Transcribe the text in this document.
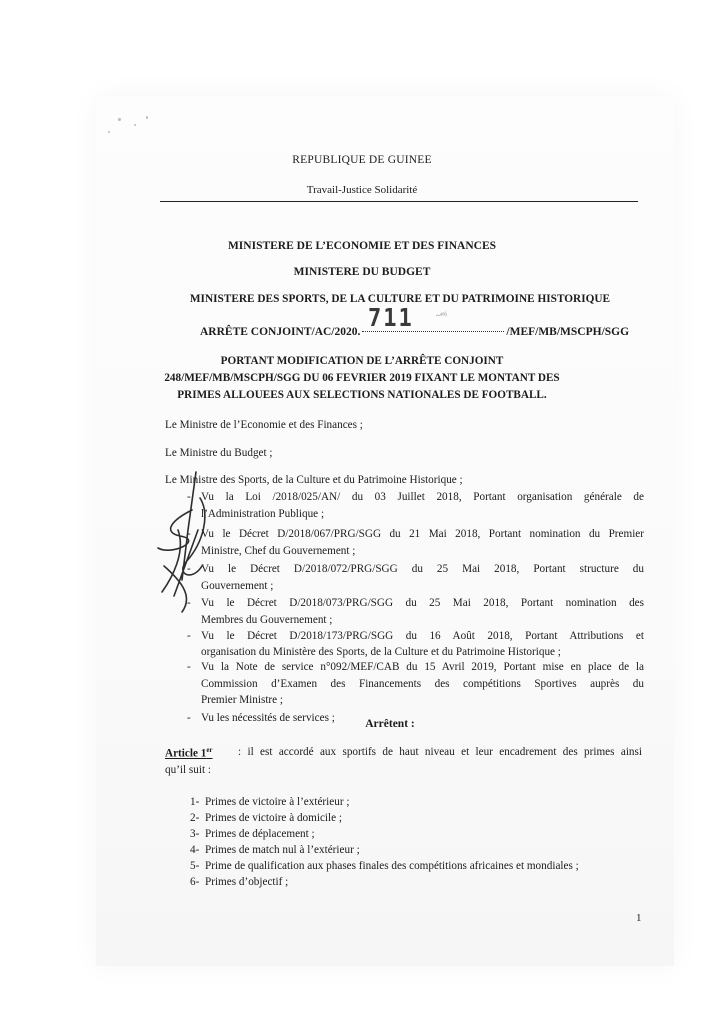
REPUBLIQUE DE GUINEE
Travail-Justice Solidarité
MINISTERE DE L’ECONOMIE ET DES FINANCES
MINISTERE DU BUDGET
MINISTERE DES SPORTS, DE LA CULTURE ET DU PATRIMOINE HISTORIQUE
ARRÊTE CONJOINT/AC/2020.	/MEF/MB/MSCPH/SGG
711 ~ᵐʲ
PORTANT MODIFICATION DE L’ARRÊTE CONJOINT
248/MEF/MB/MSCPH/SGG DU 06 FEVRIER 2019 FIXANT LE MONTANT DES
PRIMES ALLOUEES AUX SELECTIONS NATIONALES DE FOOTBALL.
Le Ministre de l’Economie et des Finances ;
Le Ministre du Budget ;
Le Ministre des Sports, de la Culture et du Patrimoine Historique ;
- Vu la Loi /2018/025/AN/ du 03 Juillet 2018, Portant organisation générale de
l’Administration Publique ;
- Vu le Décret D/2018/067/PRG/SGG du 21 Mai 2018, Portant nomination du Premier
Ministre, Chef du Gouvernement ;
- Vu le Décret D/2018/072/PRG/SGG du 25 Mai 2018, Portant structure du
Gouvernement ;
- Vu le Décret D/2018/073/PRG/SGG du 25 Mai 2018, Portant nomination des
Membres du Gouvernement ;
- Vu le Décret D/2018/173/PRG/SGG du 16 Août 2018, Portant Attributions et
organisation du Ministère des Sports, de la Culture et du Patrimoine Historique ;
- Vu la Note de service n°092/MEF/CAB du 15 Avril 2019, Portant mise en place de la
Commission d’Examen des Financements des compétitions Sportives auprès du
Premier Ministre ;
- Vu les nécessités de services ;	Arrêtent :
Article 1er : il est accordé aux sportifs de haut niveau et leur encadrement des primes ainsi
qu’il suit :
1- Primes de victoire à l’extérieur ;
2- Primes de victoire à domicile ;
3- Primes de déplacement ;
4- Primes de match nul à l’extérieur ;
5- Prime de qualification aux phases finales des compétitions africaines et mondiales ;
6- Primes d’objectif ;
1
